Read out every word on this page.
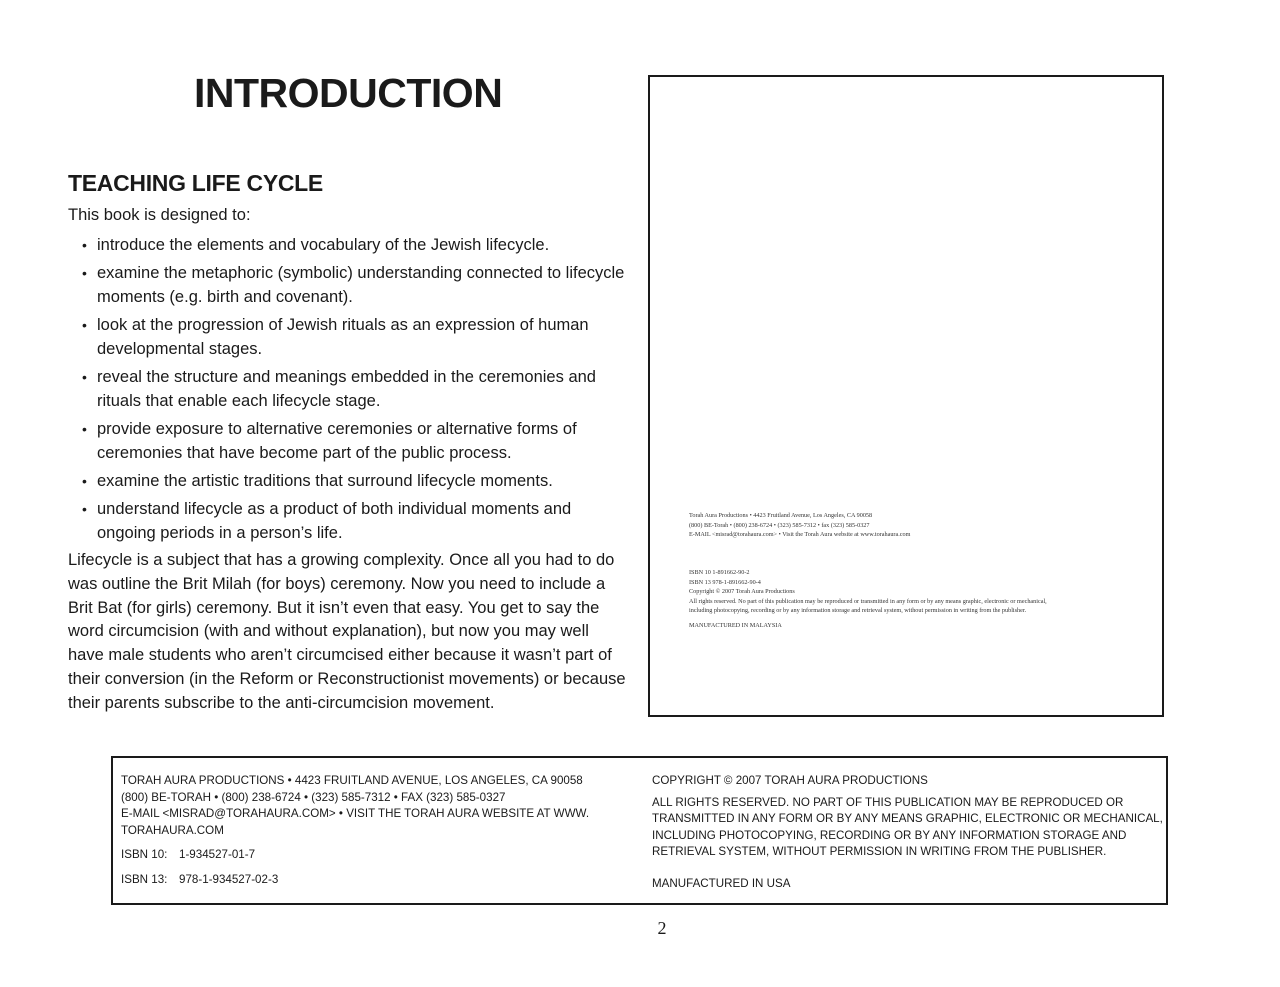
INTRODUCTION
TEACHING LIFE CYCLE

This book is designed to:

• introduce the elements and vocabulary of the Jewish lifecycle.
• examine the metaphoric (symbolic) understanding connected to lifecycle moments (e.g. birth and covenant).
• look at the progression of Jewish rituals as an expression of human developmental stages.
• reveal the structure and meanings embedded in the ceremonies and rituals that enable each lifecycle stage.
• provide exposure to alternative ceremonies or alternative forms of ceremonies that have become part of the public process.
• examine the artistic traditions that surround lifecycle moments.
• understand lifecycle as a product of both individual moments and ongoing periods in a person’s life.

Lifecycle is a subject that has a growing complexity. Once all you had to do was outline the Brit Milah (for boys) ceremony. Now you need to include a Brit Bat (for girls) ceremony. But it isn’t even that easy. You get to say the word circumcision (with and without explanation), but now you may well have male students who aren’t circumcised either because it wasn’t part of their conversion (in the Reform or Reconstructionist movements) or because their parents subscribe to the anti-circumcision movement.

Torah Aura Productions • 4423 Fruitland Avenue, Los Angeles, CA 90058
(800) BE-Torah • (800) 238-6724 • (323) 585-7312 • fax (323) 585-0327
E-MAIL <misrad@torahaura.com> • Visit the Torah Aura website at www.torahaura.com
ISBN 10 1-891662-90-2
ISBN 13 978-1-891662-90-4
Copyright © 2007 Torah Aura Productions
All rights reserved. No part of this publication may be reproduced or transmitted in any form or by any means graphic, electronic or mechanical, including photocopying, recording or by any information storage and retrieval system, without permission in writing from the publisher.
MANUFACTURED IN MALAYSIA

TORAH AURA PRODUCTIONS • 4423 FRUITLAND AVENUE, LOS ANGELES, CA 90058

(800) BE-TORAH • (800) 238-6724 • (323) 585-7312 • FAX (323) 585-0327

E-MAIL <MISRAD@TORAHAURA.COM> • VISIT THE TORAH AURA WEBSITE AT WWW.

TORAHAURA.COM

ISBN 10: 1-934527-01-7

ISBN 13: 978-1-934527-02-3

COPYRIGHT © 2007 TORAH AURA PRODUCTIONS

ALL RIGHTS RESERVED. NO PART OF THIS PUBLICATION MAY BE REPRODUCED OR

TRANSMITTED IN ANY FORM OR BY ANY MEANS GRAPHIC, ELECTRONIC OR MECHANICAL,

INCLUDING PHOTOCOPYING, RECORDING OR BY ANY INFORMATION STORAGE AND

RETRIEVAL SYSTEM, WITHOUT PERMISSION IN WRITING FROM THE PUBLISHER.

MANUFACTURED IN USA

2
